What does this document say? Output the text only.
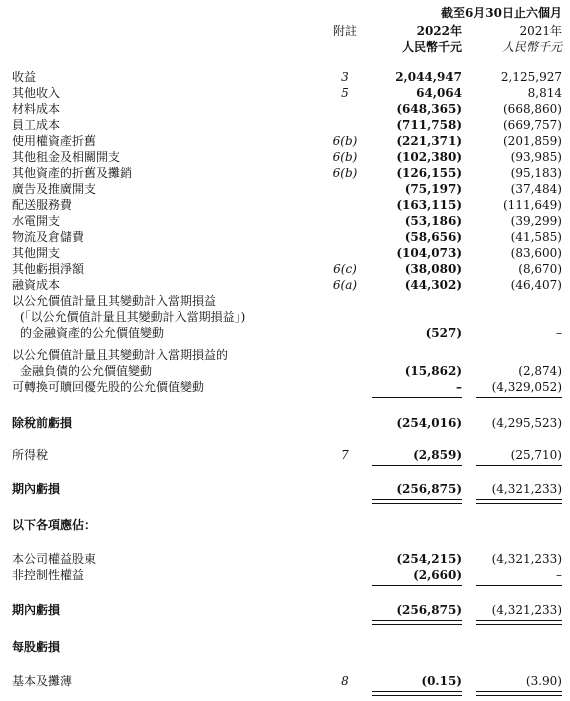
截至6月30日止六個月
附註	2022年	2021年
人民幣千元	人民幣千元
收益	3	2,044,947	2,125,927
其他收入	5	64,064	8,814
材料成本	(648,365)	(668,860)
員工成本	(711,758)	(669,757)
使用權資產折舊	6(b)	(221,371)	(201,859)
其他租金及相關開支	6(b)	(102,380)	(93,985)
其他資產的折舊及攤銷	6(b)	(126,155)	(95,183)
廣告及推廣開支	(75,197)	(37,484)
配送服務費	(163,115)	(111,649)
水電開支	(53,186)	(39,299)
物流及倉儲費	(58,656)	(41,585)
其他開支	(104,073)	(83,600)
其他虧損淨額	6(c)	(38,080)	(8,670)
融資成本	6(a)	(44,302)	(46,407)
以公允價值計量且其變動計入當期損益
(「以公允價值計量且其變動計入當期損益」)
的金融資產的公允價值變動	(527)	–
以公允價值計量且其變動計入當期損益的
金融負債的公允價值變動	(15,862)	(2,874)
可轉換可贖回優先股的公允價值變動	– (4,329,052)
除稅前虧損	(254,016) (4,295,523)
所得稅	7	(2,859)	(25,710)
期內虧損	(256,875) (4,321,233)
以下各項應佔：
本公司權益股東	(254,215) (4,321,233)
非控制性權益	(2,660)	–
期內虧損	(256,875) (4,321,233)
每股虧損
基本及攤薄	8	(0.15)	(3.90)
